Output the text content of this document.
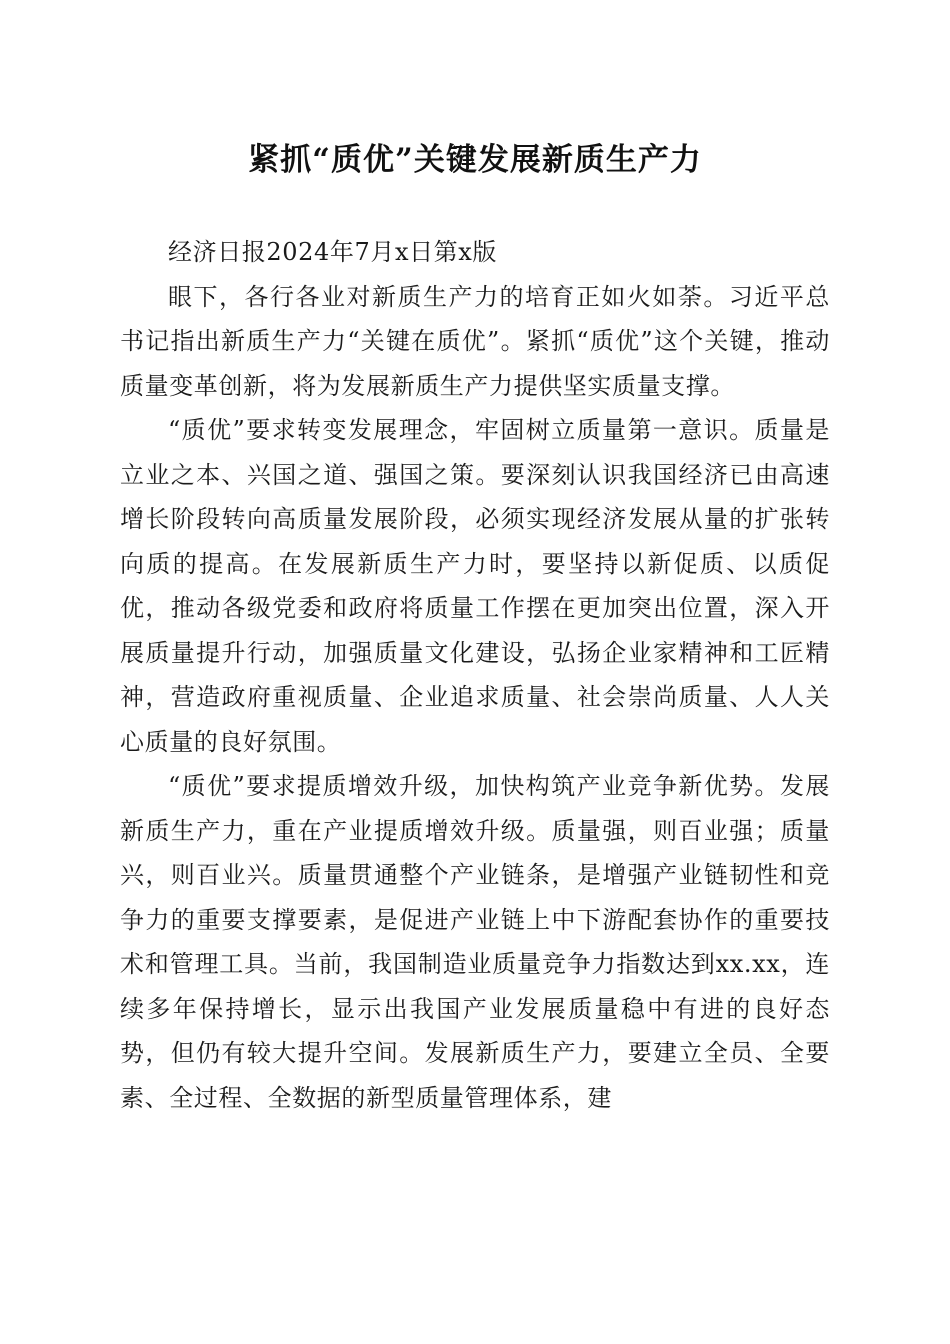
紧抓“质优”关键发展新质生产力

经济日报2024年7月x日第x版

眼下，各行各业对新质生产力的培育正如火如荼。习近平总书记指出新质生产力“关键在质优”。紧抓“质优”这个关键，推动质量变革创新，将为发展新质生产力提供坚实质量支撑。

“质优”要求转变发展理念，牢固树立质量第一意识。质量是立业之本、兴国之道、强国之策。要深刻认识我国经济已由高速增长阶段转向高质量发展阶段，必须实现经济发展从量的扩张转向质的提高。在发展新质生产力时，要坚持以新促质、以质促优，推动各级党委和政府将质量工作摆在更加突出位置，深入开展质量提升行动，加强质量文化建设，弘扬企业家精神和工匠精神，营造政府重视质量、企业追求质量、社会崇尚质量、人人关心质量的良好氛围。

“质优”要求提质增效升级，加快构筑产业竞争新优势。发展新质生产力，重在产业提质增效升级。质量强，则百业强；质量兴，则百业兴。质量贯通整个产业链条，是增强产业链韧性和竞争力的重要支撑要素，是促进产业链上中下游配套协作的重要技术和管理工具。当前，我国制造业质量竞争力指数达到xx.xx，连续多年保持增长，显示出我国产业发展质量稳中有进的良好态势，但仍有较大提升空间。发展新质生产力，要建立全员、全要素、全过程、全数据的新型质量管理体系，建
